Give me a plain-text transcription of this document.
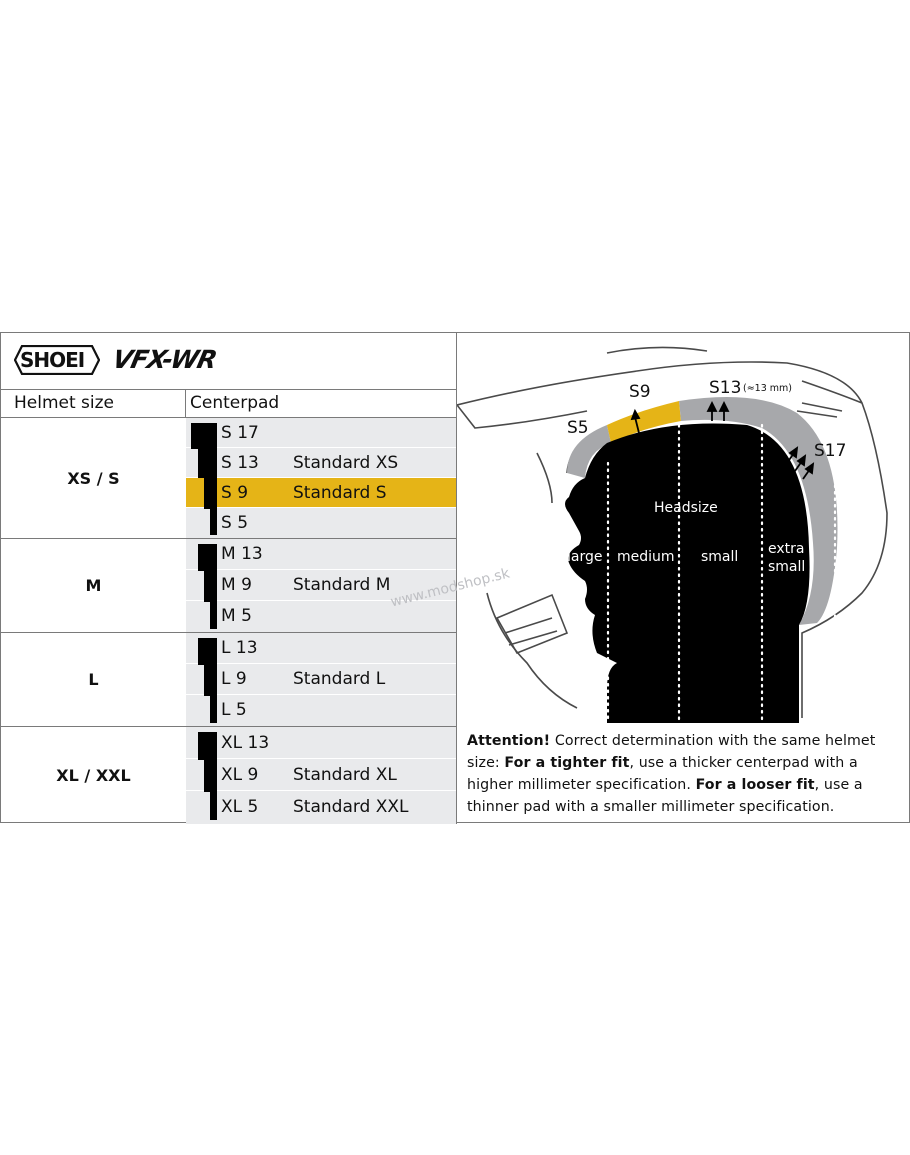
SHOEI VFX-WR
Helmet size	Centerpad
XS / S
S 17
S 13 Standard XS
S 9	Standard S
S 5
M
M 13
M 9 Standard M
M 5
L
L 13
L 9	Standard L
L 5
XL / XXL
XL 13
XL 9 Standard XL
XL 5 Standard XXL
S5
S9	S13 (≈13 mm)
S17
Headsize
large medium small extra
small
www.modshop.sk
Attention! Correct determination with the same helmet size: For a tighter fit, use a thicker centerpad with a higher millimeter specification. For a looser fit, use a thinner pad with a smaller millimeter specification.
